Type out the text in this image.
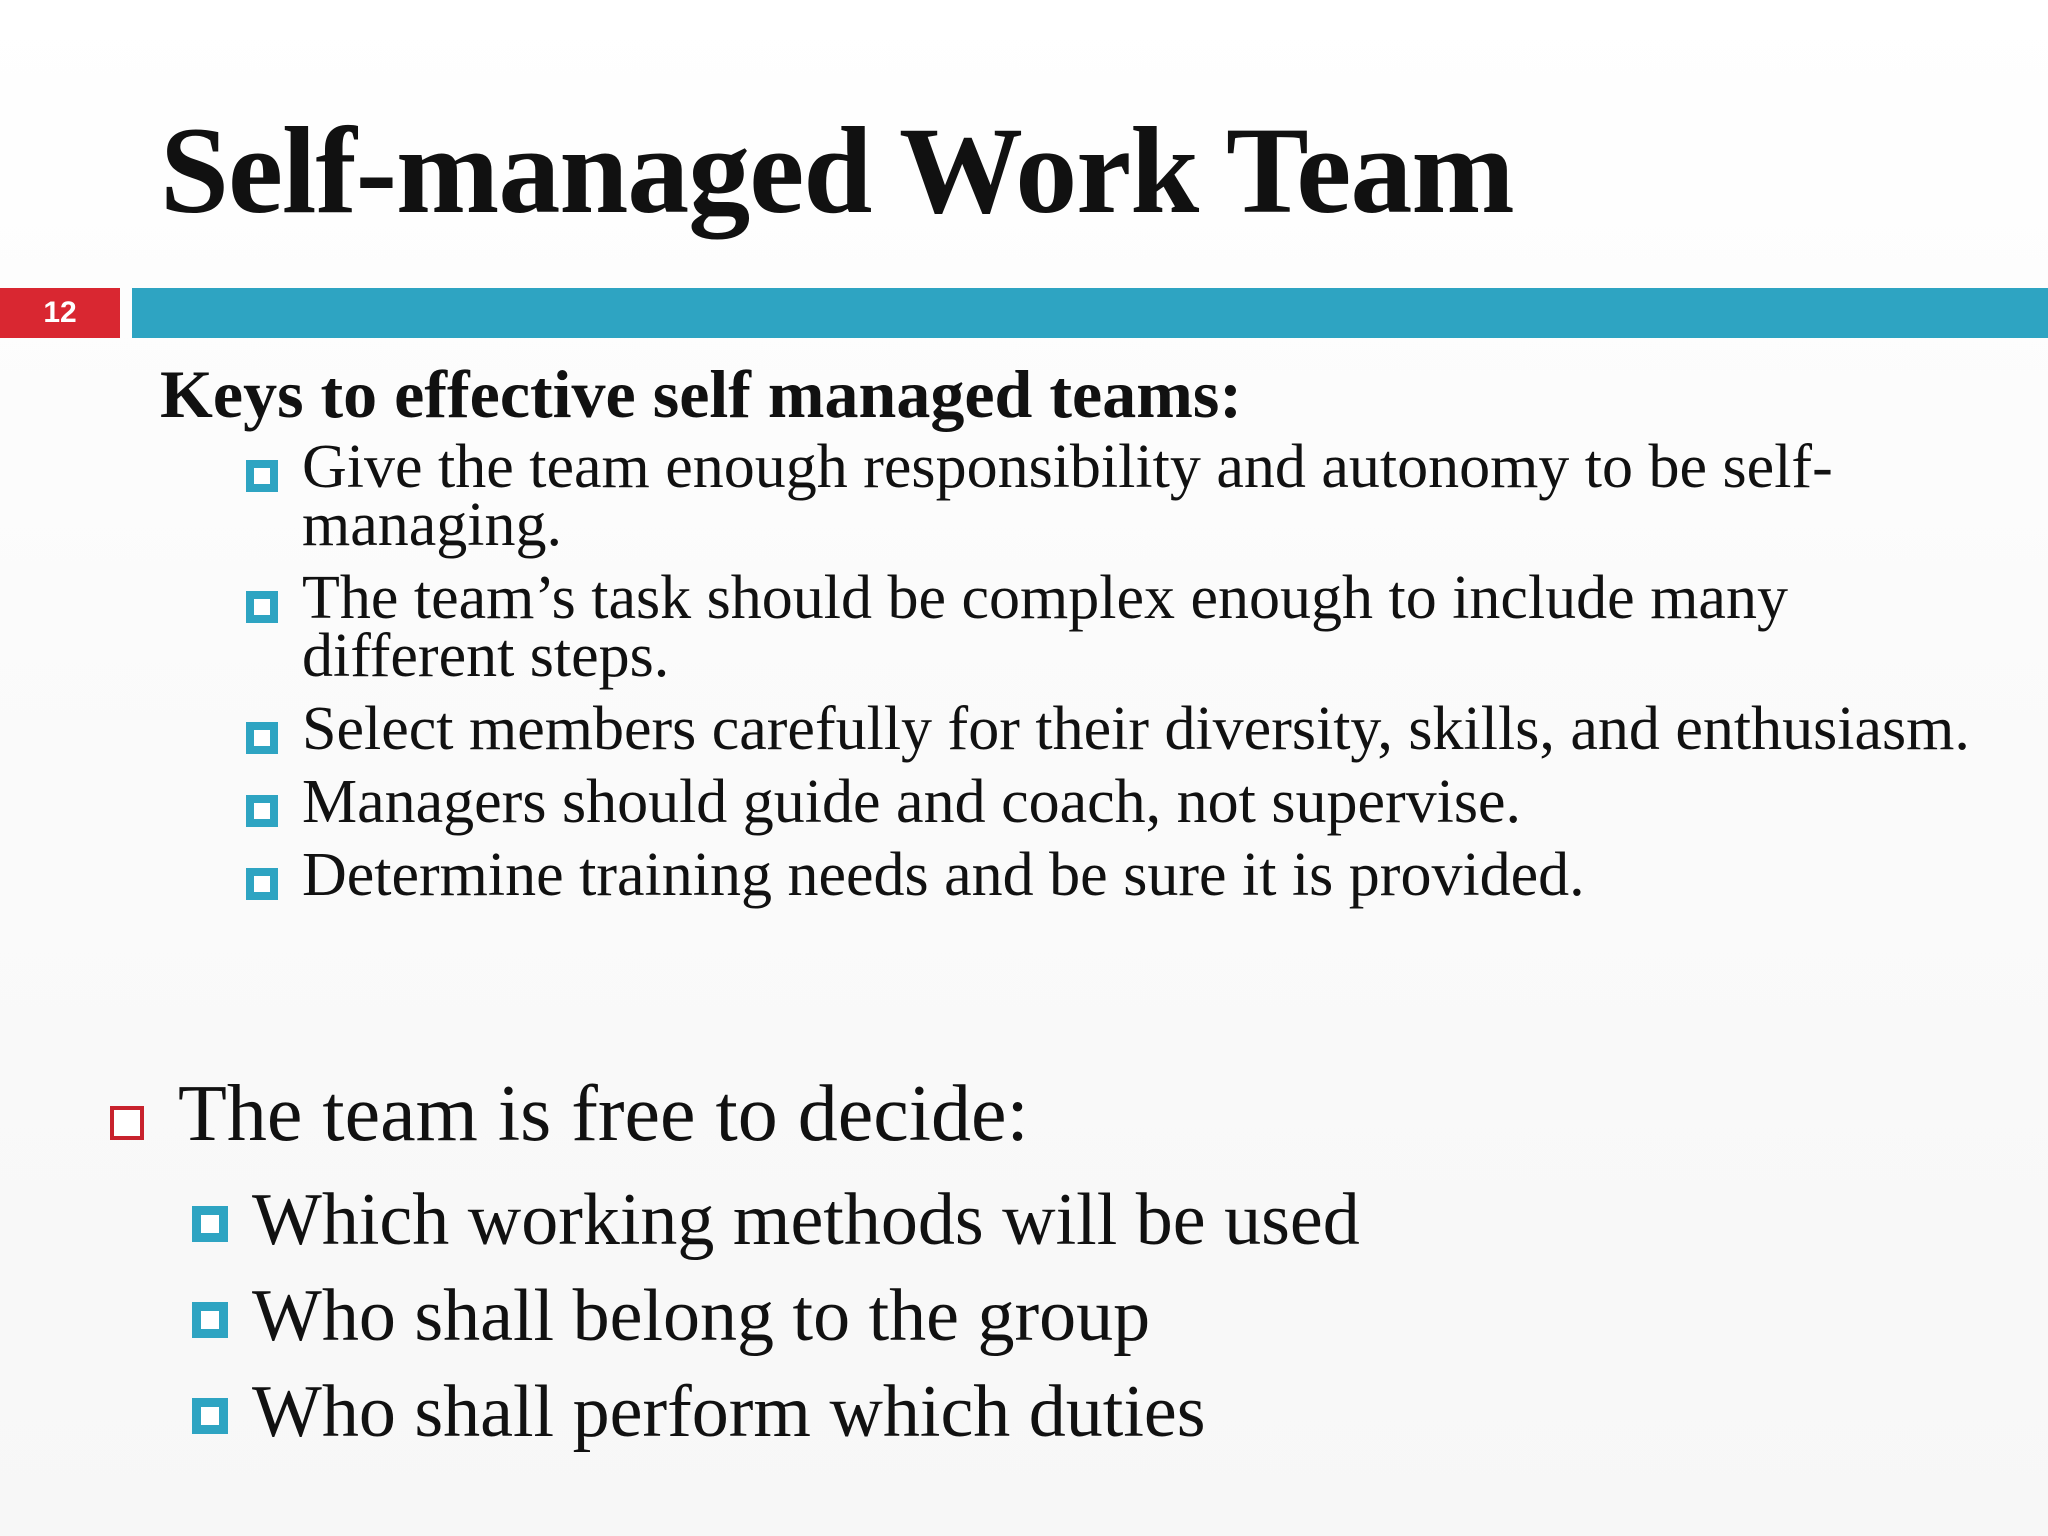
Self-managed Work Team
12
Keys to effective self managed teams:
Give the team enough responsibility and autonomy to be self-managing.
The team’s task should be complex enough to include many different steps.
Select members carefully for their diversity, skills, and enthusiasm.
Managers should guide and coach, not supervise.
Determine training needs and be sure it is provided.
The team is free to decide:
Which working methods will be used
Who shall belong to the group
Who shall perform which duties
